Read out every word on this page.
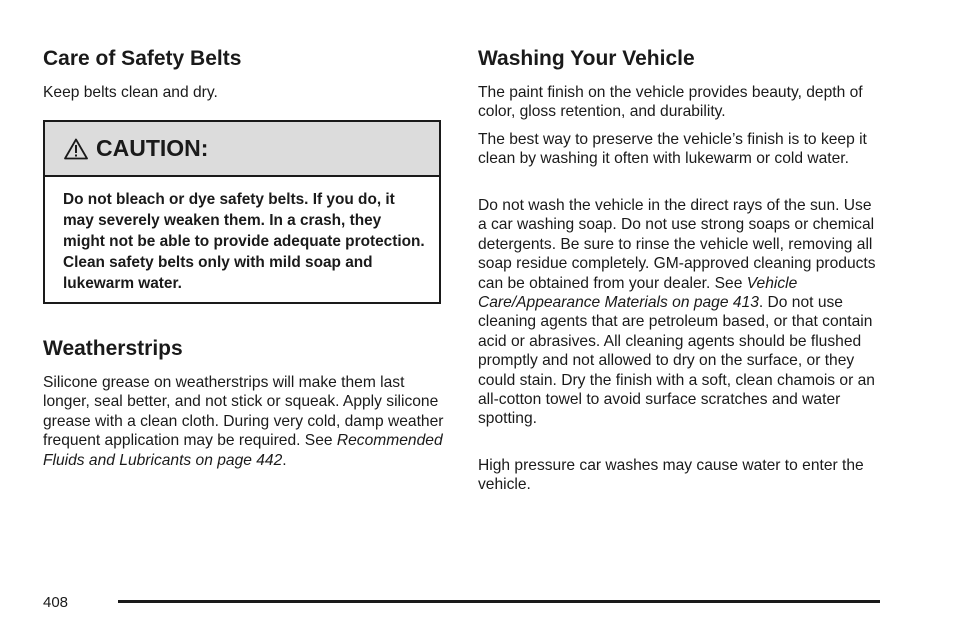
Care of Safety Belts

Keep belts clean and dry.

CAUTION:

Do not bleach or dye safety belts. If you do, it may severely weaken them. In a crash, they might not be able to provide adequate protection. Clean safety belts only with mild soap and lukewarm water.

Weatherstrips

Silicone grease on weatherstrips will make them last longer, seal better, and not stick or squeak. Apply silicone grease with a clean cloth. During very cold, damp weather frequent application may be required. See Recommended Fluids and Lubricants on page 442.

Washing Your Vehicle

The paint finish on the vehicle provides beauty, depth of color, gloss retention, and durability.

The best way to preserve the vehicle’s finish is to keep it clean by washing it often with lukewarm or cold water.

Do not wash the vehicle in the direct rays of the sun. Use a car washing soap. Do not use strong soaps or chemical detergents. Be sure to rinse the vehicle well, removing all soap residue completely. GM-approved cleaning products can be obtained from your dealer. See Vehicle Care/Appearance Materials on page 413. Do not use cleaning agents that are petroleum based, or that contain acid or abrasives. All cleaning agents should be flushed promptly and not allowed to dry on the surface, or they could stain. Dry the finish with a soft, clean chamois or an all-cotton towel to avoid surface scratches and water spotting.

High pressure car washes may cause water to enter the vehicle.

408
